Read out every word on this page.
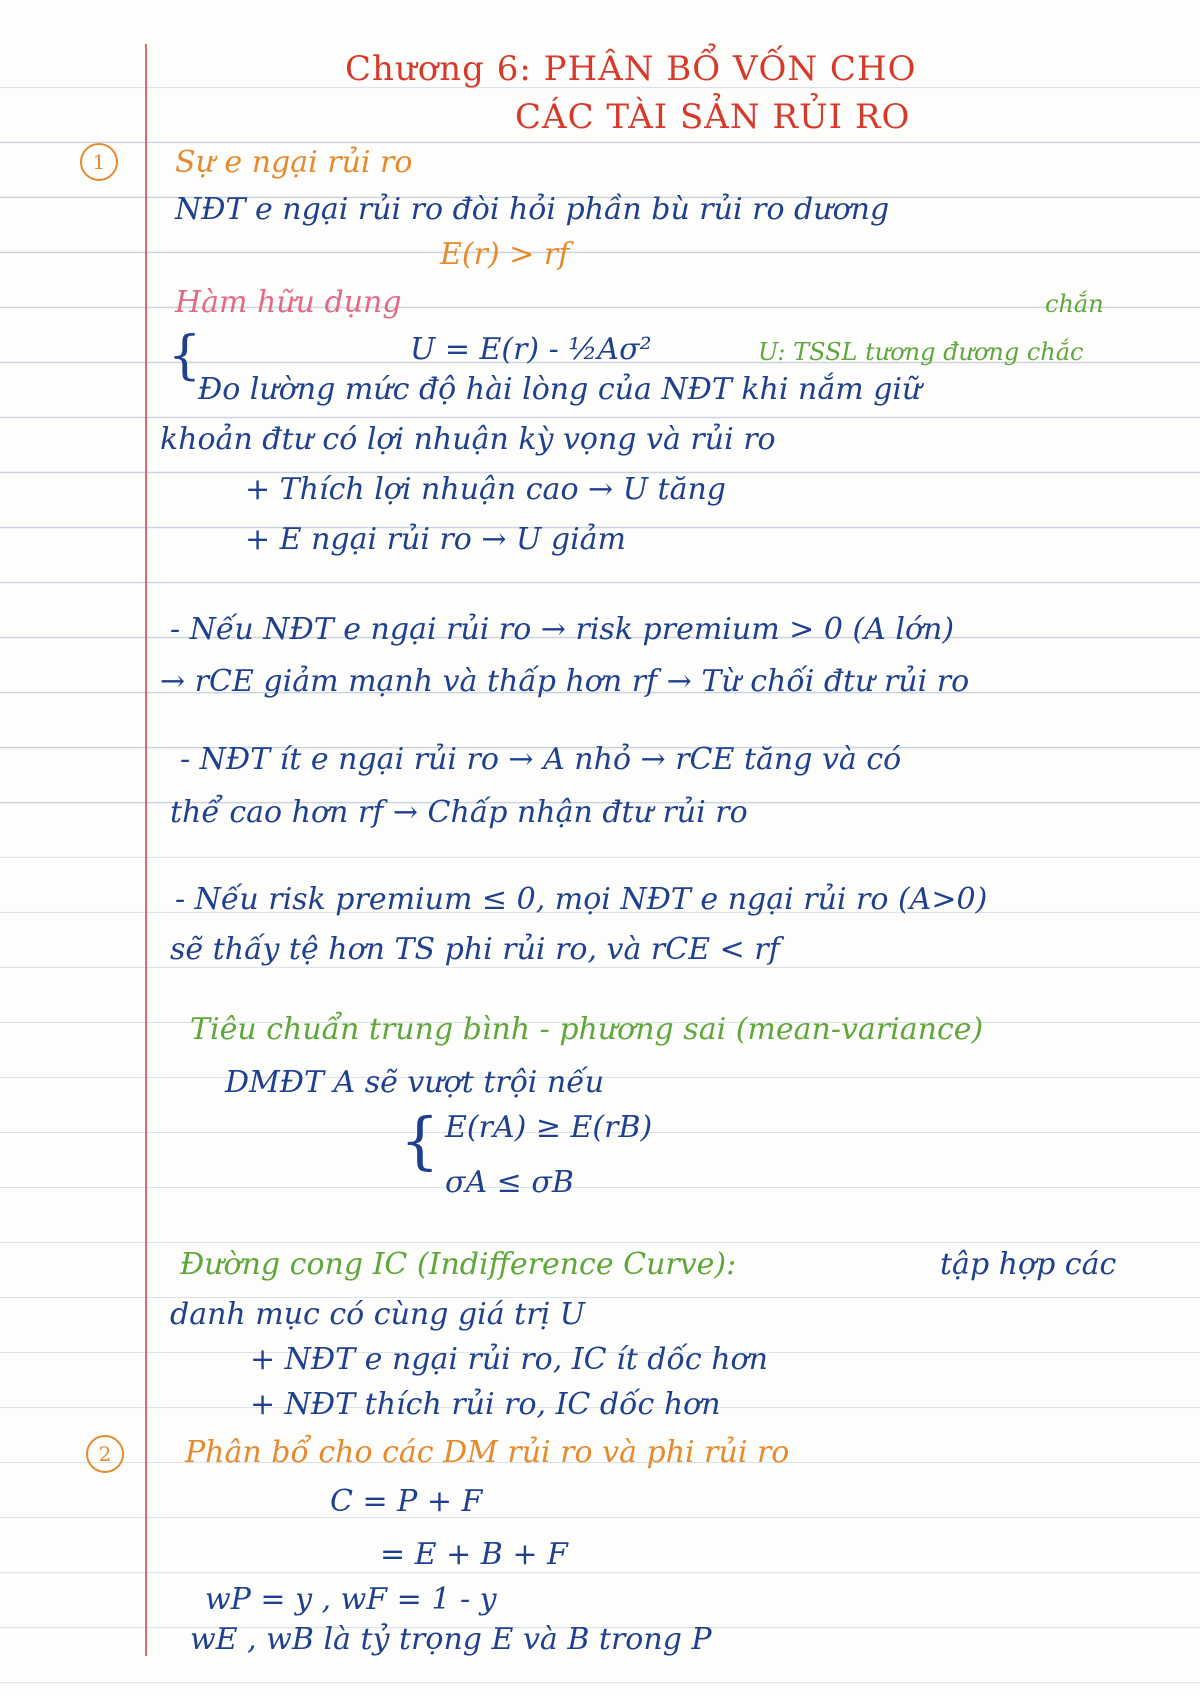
Chương 6: PHÂN BỔ VỐN CHO
CÁC TÀI SẢN RỦI RO
1	Sự e ngại rủi ro
NĐT e ngại rủi ro đòi hỏi phần bù rủi ro dương
E(r) > rf
Hàm hữu dụng	chắn
U = E(r) - ½Aσ²	U: TSSL tương đương chắc
{
Đo lường mức độ hài lòng của NĐT khi nắm giữ
khoản đtư có lợi nhuận kỳ vọng và rủi ro
+ Thích lợi nhuận cao → U tăng
+ E ngại rủi ro → U giảm
- Nếu NĐT e ngại rủi ro → risk premium > 0 (A lớn)
→ rCE giảm mạnh và thấp hơn rf → Từ chối đtư rủi ro
- NĐT ít e ngại rủi ro → A nhỏ → rCE tăng và có
thể cao hơn rf → Chấp nhận đtư rủi ro
- Nếu risk premium ≤ 0, mọi NĐT e ngại rủi ro (A>0)
sẽ thấy tệ hơn TS phi rủi ro, và rCE < rf
Tiêu chuẩn trung bình - phương sai (mean-variance)
DMĐT A sẽ vượt trội nếu
{ E(rA) ≥ E(rB)
σA ≤ σB
Đường cong IC (Indifference Curve):	tập hợp các
danh mục có cùng giá trị U
+ NĐT e ngại rủi ro, IC ít dốc hơn
+ NĐT thích rủi ro, IC dốc hơn
2	Phân bổ cho các DM rủi ro và phi rủi ro
C = P + F
= E + B + F
wP = y , wF = 1 - y
wE , wB là tỷ trọng E và B trong P
